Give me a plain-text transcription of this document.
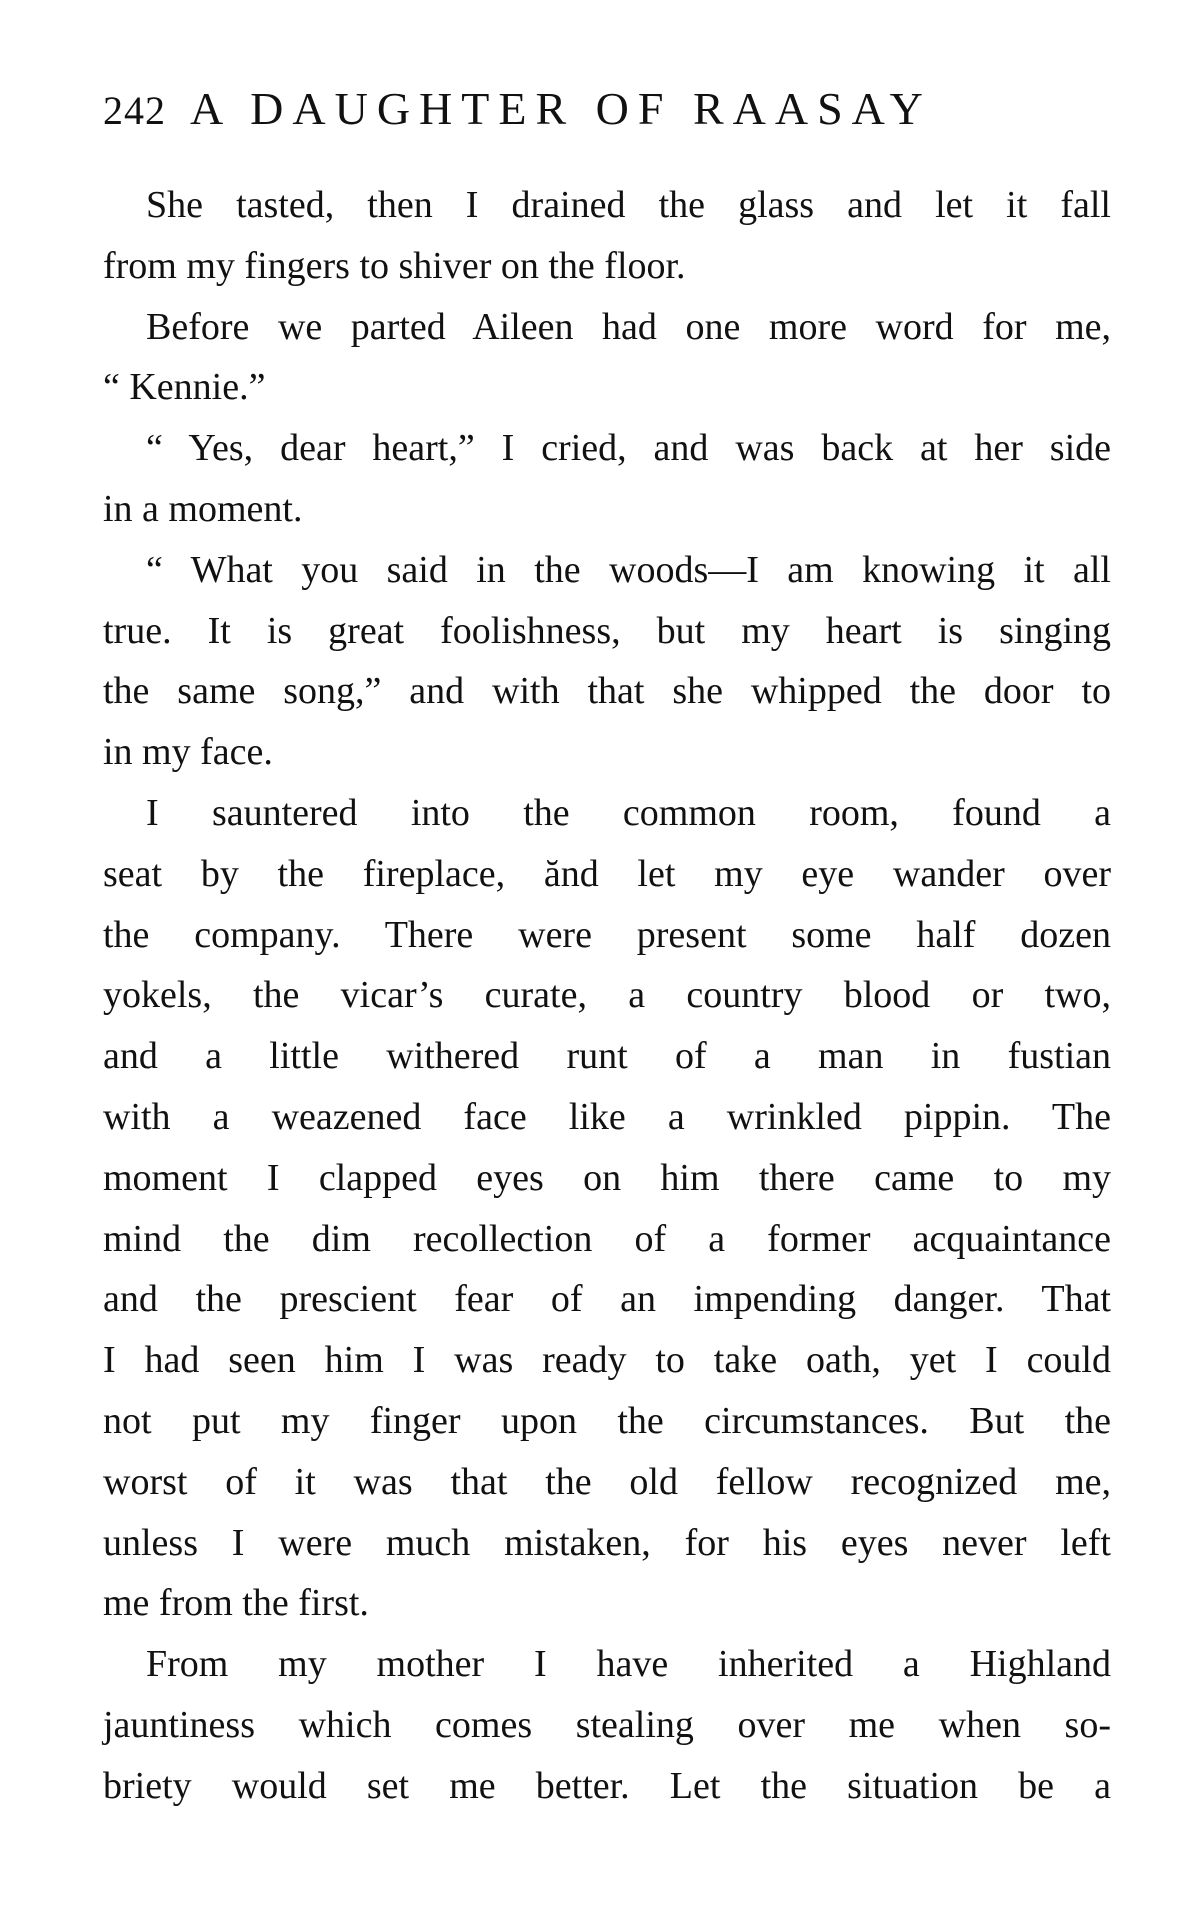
242 A DAUGHTER OF RAASAY
She tasted, then I drained the glass and let it fall
from my fingers to shiver on the floor.
Before we parted Aileen had one more word for me,
“ Kennie.”
“ Yes, dear heart,” I cried, and was back at her side
in a moment.
“ What you said in the woods—I am knowing it all
true. It is great foolishness, but my heart is singing
the same song,” and with that she whipped the door to
in my face.
I sauntered into the common room, found a
seat by the fireplace, ănd let my eye wander over
the company. There were present some half dozen
yokels, the vicar’s curate, a country blood or two,
and a little withered runt of a man in fustian
with a weazened face like a wrinkled pippin. The
moment I clapped eyes on him there came to my
mind the dim recollection of a former acquaintance
and the prescient fear of an impending danger. That
I had seen him I was ready to take oath, yet I could
not put my finger upon the circumstances. But the
worst of it was that the old fellow recognized me,
unless I were much mistaken, for his eyes never left
me from the first.
From my mother I have inherited a Highland
jauntiness which comes stealing over me when so-
briety would set me better. Let the situation be a
